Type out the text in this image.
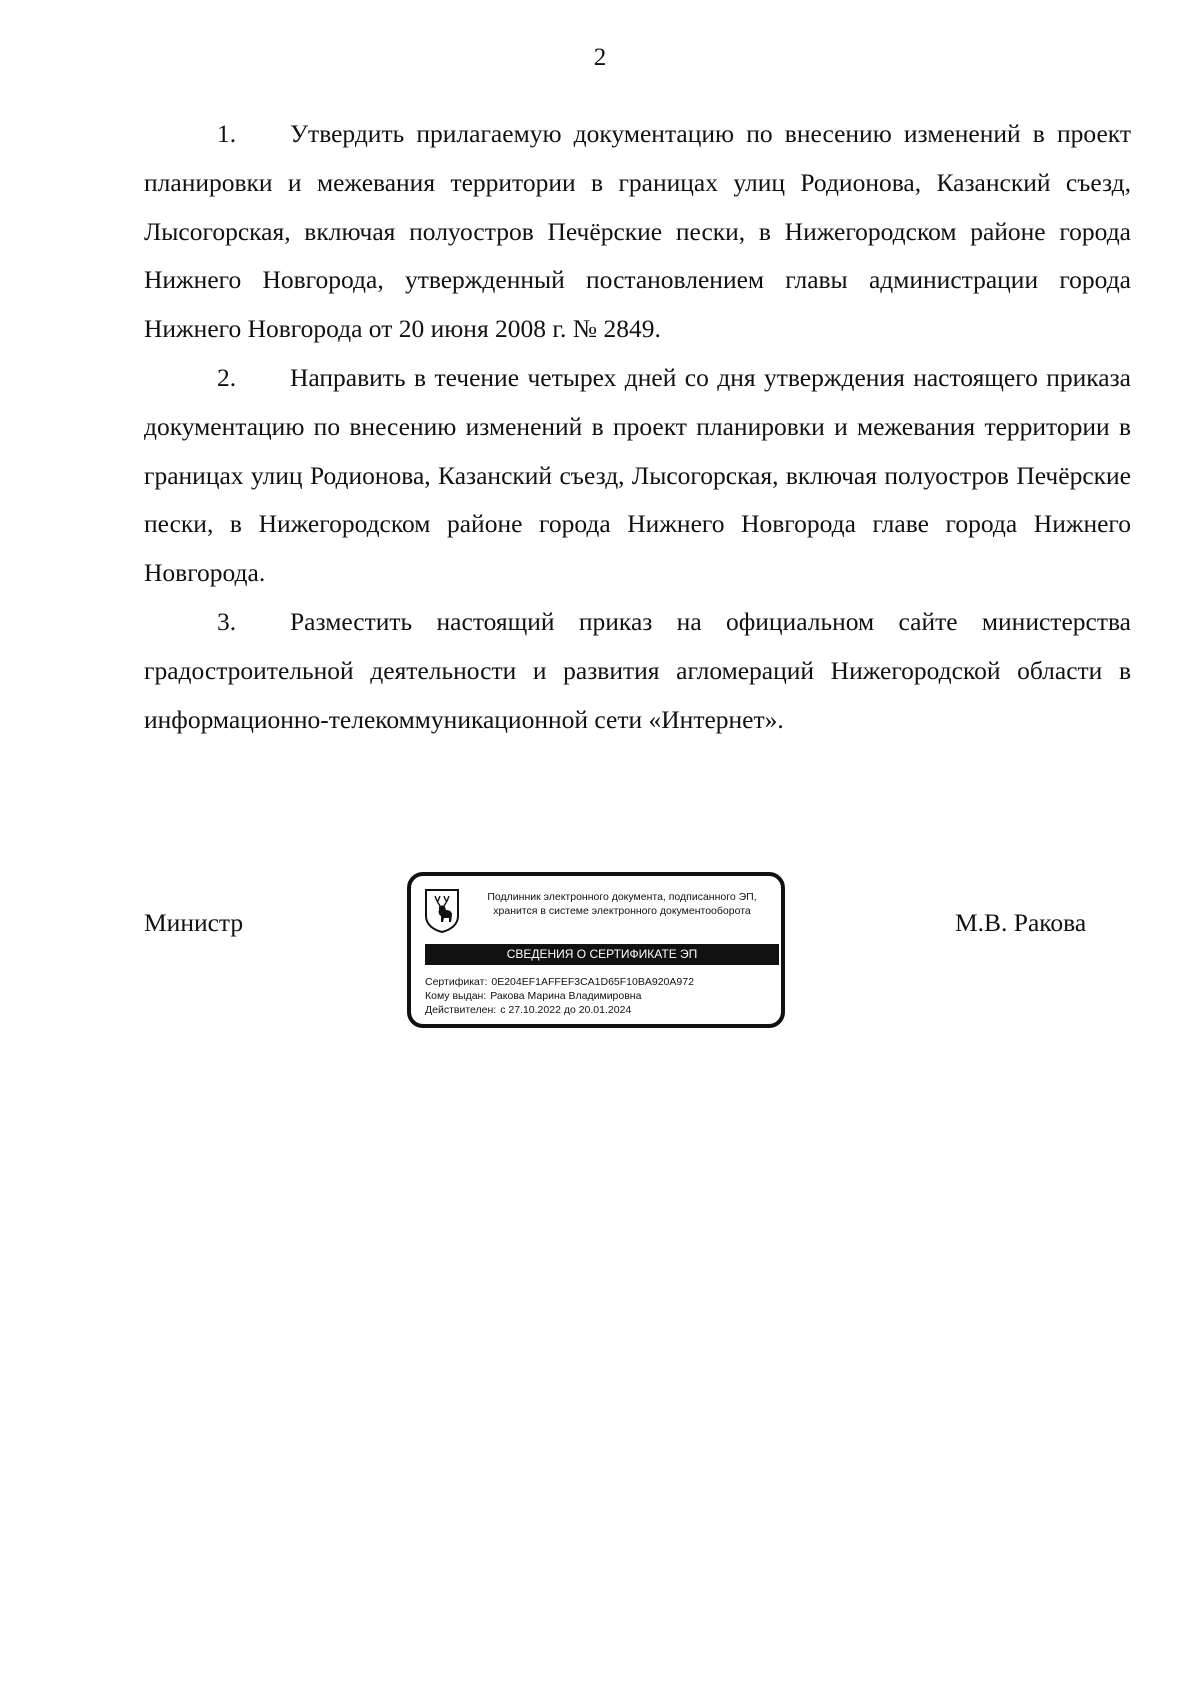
2

1. Утвердить прилагаемую документацию по внесению изменений в проект планировки и межевания территории в границах улиц Родионова, Казанский съезд, Лысогорская, включая полуостров Печёрские пески, в Нижегородском районе города Нижнего Новгорода, утвержденный постановлением главы администрации города Нижнего Новгорода от 20 июня 2008 г. № 2849.

2. Направить в течение четырех дней со дня утверждения настоящего приказа документацию по внесению изменений в проект планировки и межевания территории в границах улиц Родионова, Казанский съезд, Лысогорская, включая полуостров Печёрские пески, в Нижегородском районе города Нижнего Новгорода главе города Нижнего Новгорода.

3. Разместить настоящий приказ на официальном сайте министерства градостроительной деятельности и развития агломераций Нижегородской области в информационно-телекоммуникационной сети «Интернет».

Министр
Подлинник электронного документа, подписанного ЭП,
хранится в системе электронного документооборота
СВЕДЕНИЯ О СЕРТИФИКАТЕ ЭП
Сертификат: 0E204EF1AFFEF3CA1D65F10BA920A972
Кому выдан: Ракова Марина Владимировна
Действителен: с 27.10.2022 до 20.01.2024
М.В. Ракова
